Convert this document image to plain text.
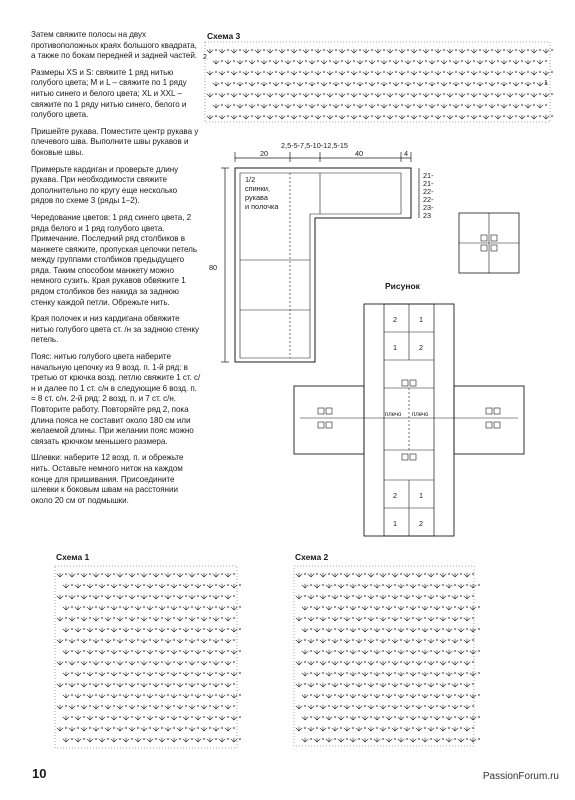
Затем свяжите полосы на двух противоположных краях большого квадрата, а также по бокам передней и задней частей.

Размеры XS и S: свяжите 1 ряд нитью голубого цвета; M и L – свяжите по 1 ряду нитью синего и белого цвета; XL и XXL – свяжите по 1 ряду нитью синего, белого и голубого цвета.

Пришейте рукава. Поместите центр рукава у плечевого шва. Выполните швы рукавов и боковые швы.

Примерьте кардиган и проверьте длину рукава. При необходимости свяжите дополнительно по кругу еще несколько рядов по схеме 3 (ряды 1–2).

Чередование цветов: 1 ряд синего цвета, 2 ряда белого и 1 ряд голубого цвета. Примечание. Последний ряд столбиков в манжете свяжите, пропуская цепочки петель между группами столбиков предыдущего ряда. Таким способом манжету можно немного сузить. Края рукавов обвяжите 1 рядом столбиков без накида за заднюю стенку каждой петли. Обрежьте нить.

Края полочек и низ кардигана обвяжите нитью голубого цвета ст. /н за заднюю стенку петель.

Пояс: нитью голубого цвета наберите начальную цепочку из 9 возд. п. 1-й ряд: в третью от крючка возд. петлю свяжите 1 ст. с/н и далее по 1 ст. с/н в следующие 6 возд. п. = 8 ст. с/н. 2-й ряд: 2 возд. п. и 7 ст. с/н. Повторите работу. Повторяйте ряд 2, пока длина пояса не составит около 180 см или желаемой длины. При желании пояс можно связать крючком меньшего размера.

Шлевки: наберите 12 возд. п. и обрежьте нить. Оставьте немного ниток на каждом конце для пришивания. Присоедините шлевки к боковым швам на расстоянии около 20 см от подмышки.

Схема 3
2
1
20
2,5-5-7,5-10-12,5-15
40	4
80
21-
21-
22-
22-
23-
23
1/2
спинки,
рукава
и полочка
Рисунок
2	1
1	2
2	1
1	2
плечо плечо
Схема 1	Схема 2
10	PassionForum.ru
